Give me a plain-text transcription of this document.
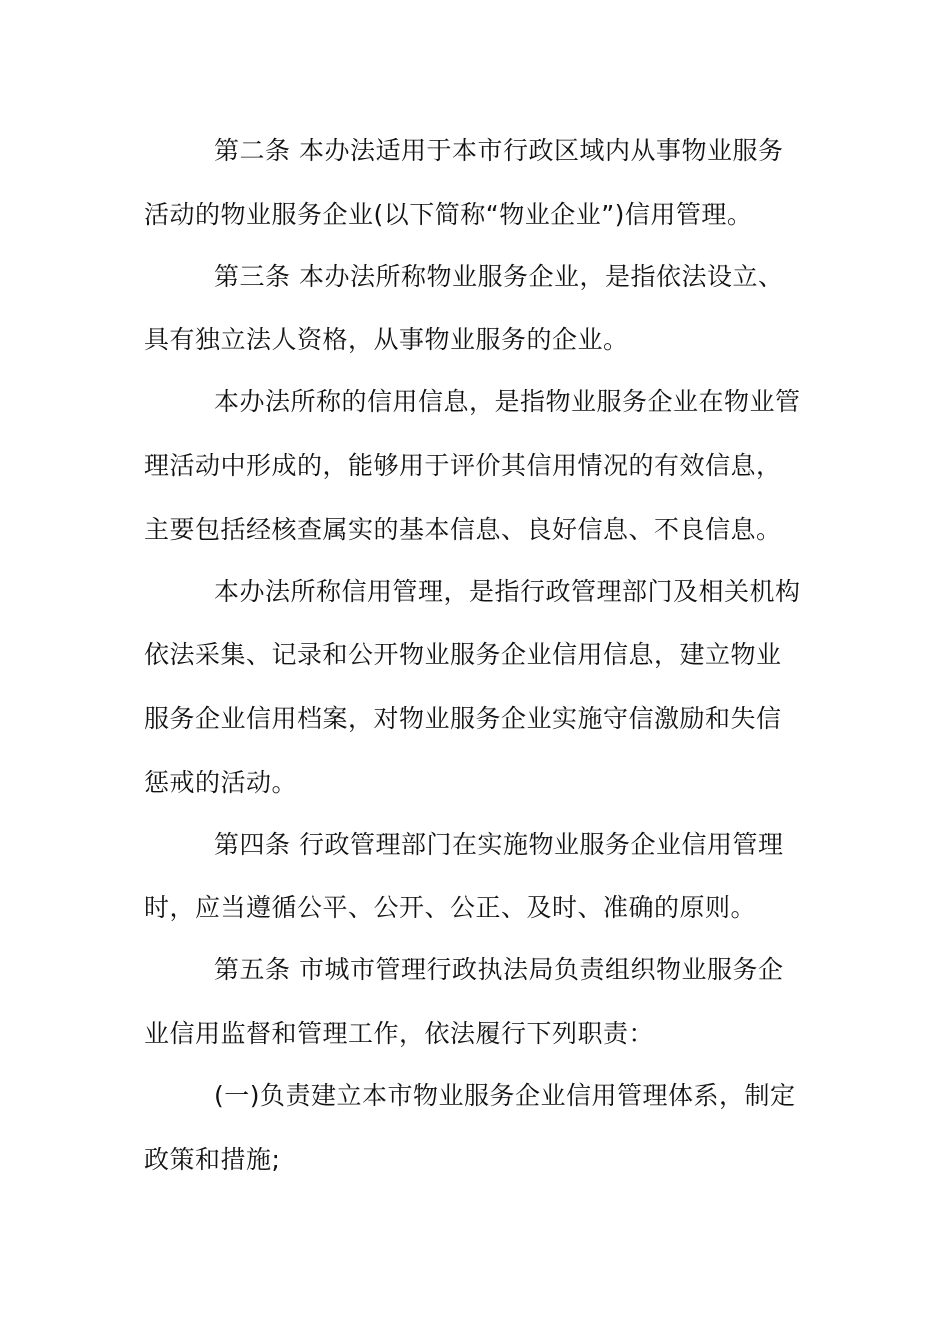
第二条 本办法适用于本市行政区域内从事物业服务
活动的物业服务企业(以下简称“物业企业”)信用管理。
第三条 本办法所称物业服务企业，是指依法设立、
具有独立法人资格，从事物业服务的企业。
本办法所称的信用信息，是指物业服务企业在物业管
理活动中形成的，能够用于评价其信用情况的有效信息，
主要包括经核查属实的基本信息、良好信息、不良信息。
本办法所称信用管理，是指行政管理部门及相关机构
依法采集、记录和公开物业服务企业信用信息，建立物业
服务企业信用档案，对物业服务企业实施守信激励和失信
惩戒的活动。
第四条 行政管理部门在实施物业服务企业信用管理
时，应当遵循公平、公开、公正、及时、准确的原则。
第五条 市城市管理行政执法局负责组织物业服务企
业信用监督和管理工作，依法履行下列职责：
(一)负责建立本市物业服务企业信用管理体系，制定
政策和措施;
